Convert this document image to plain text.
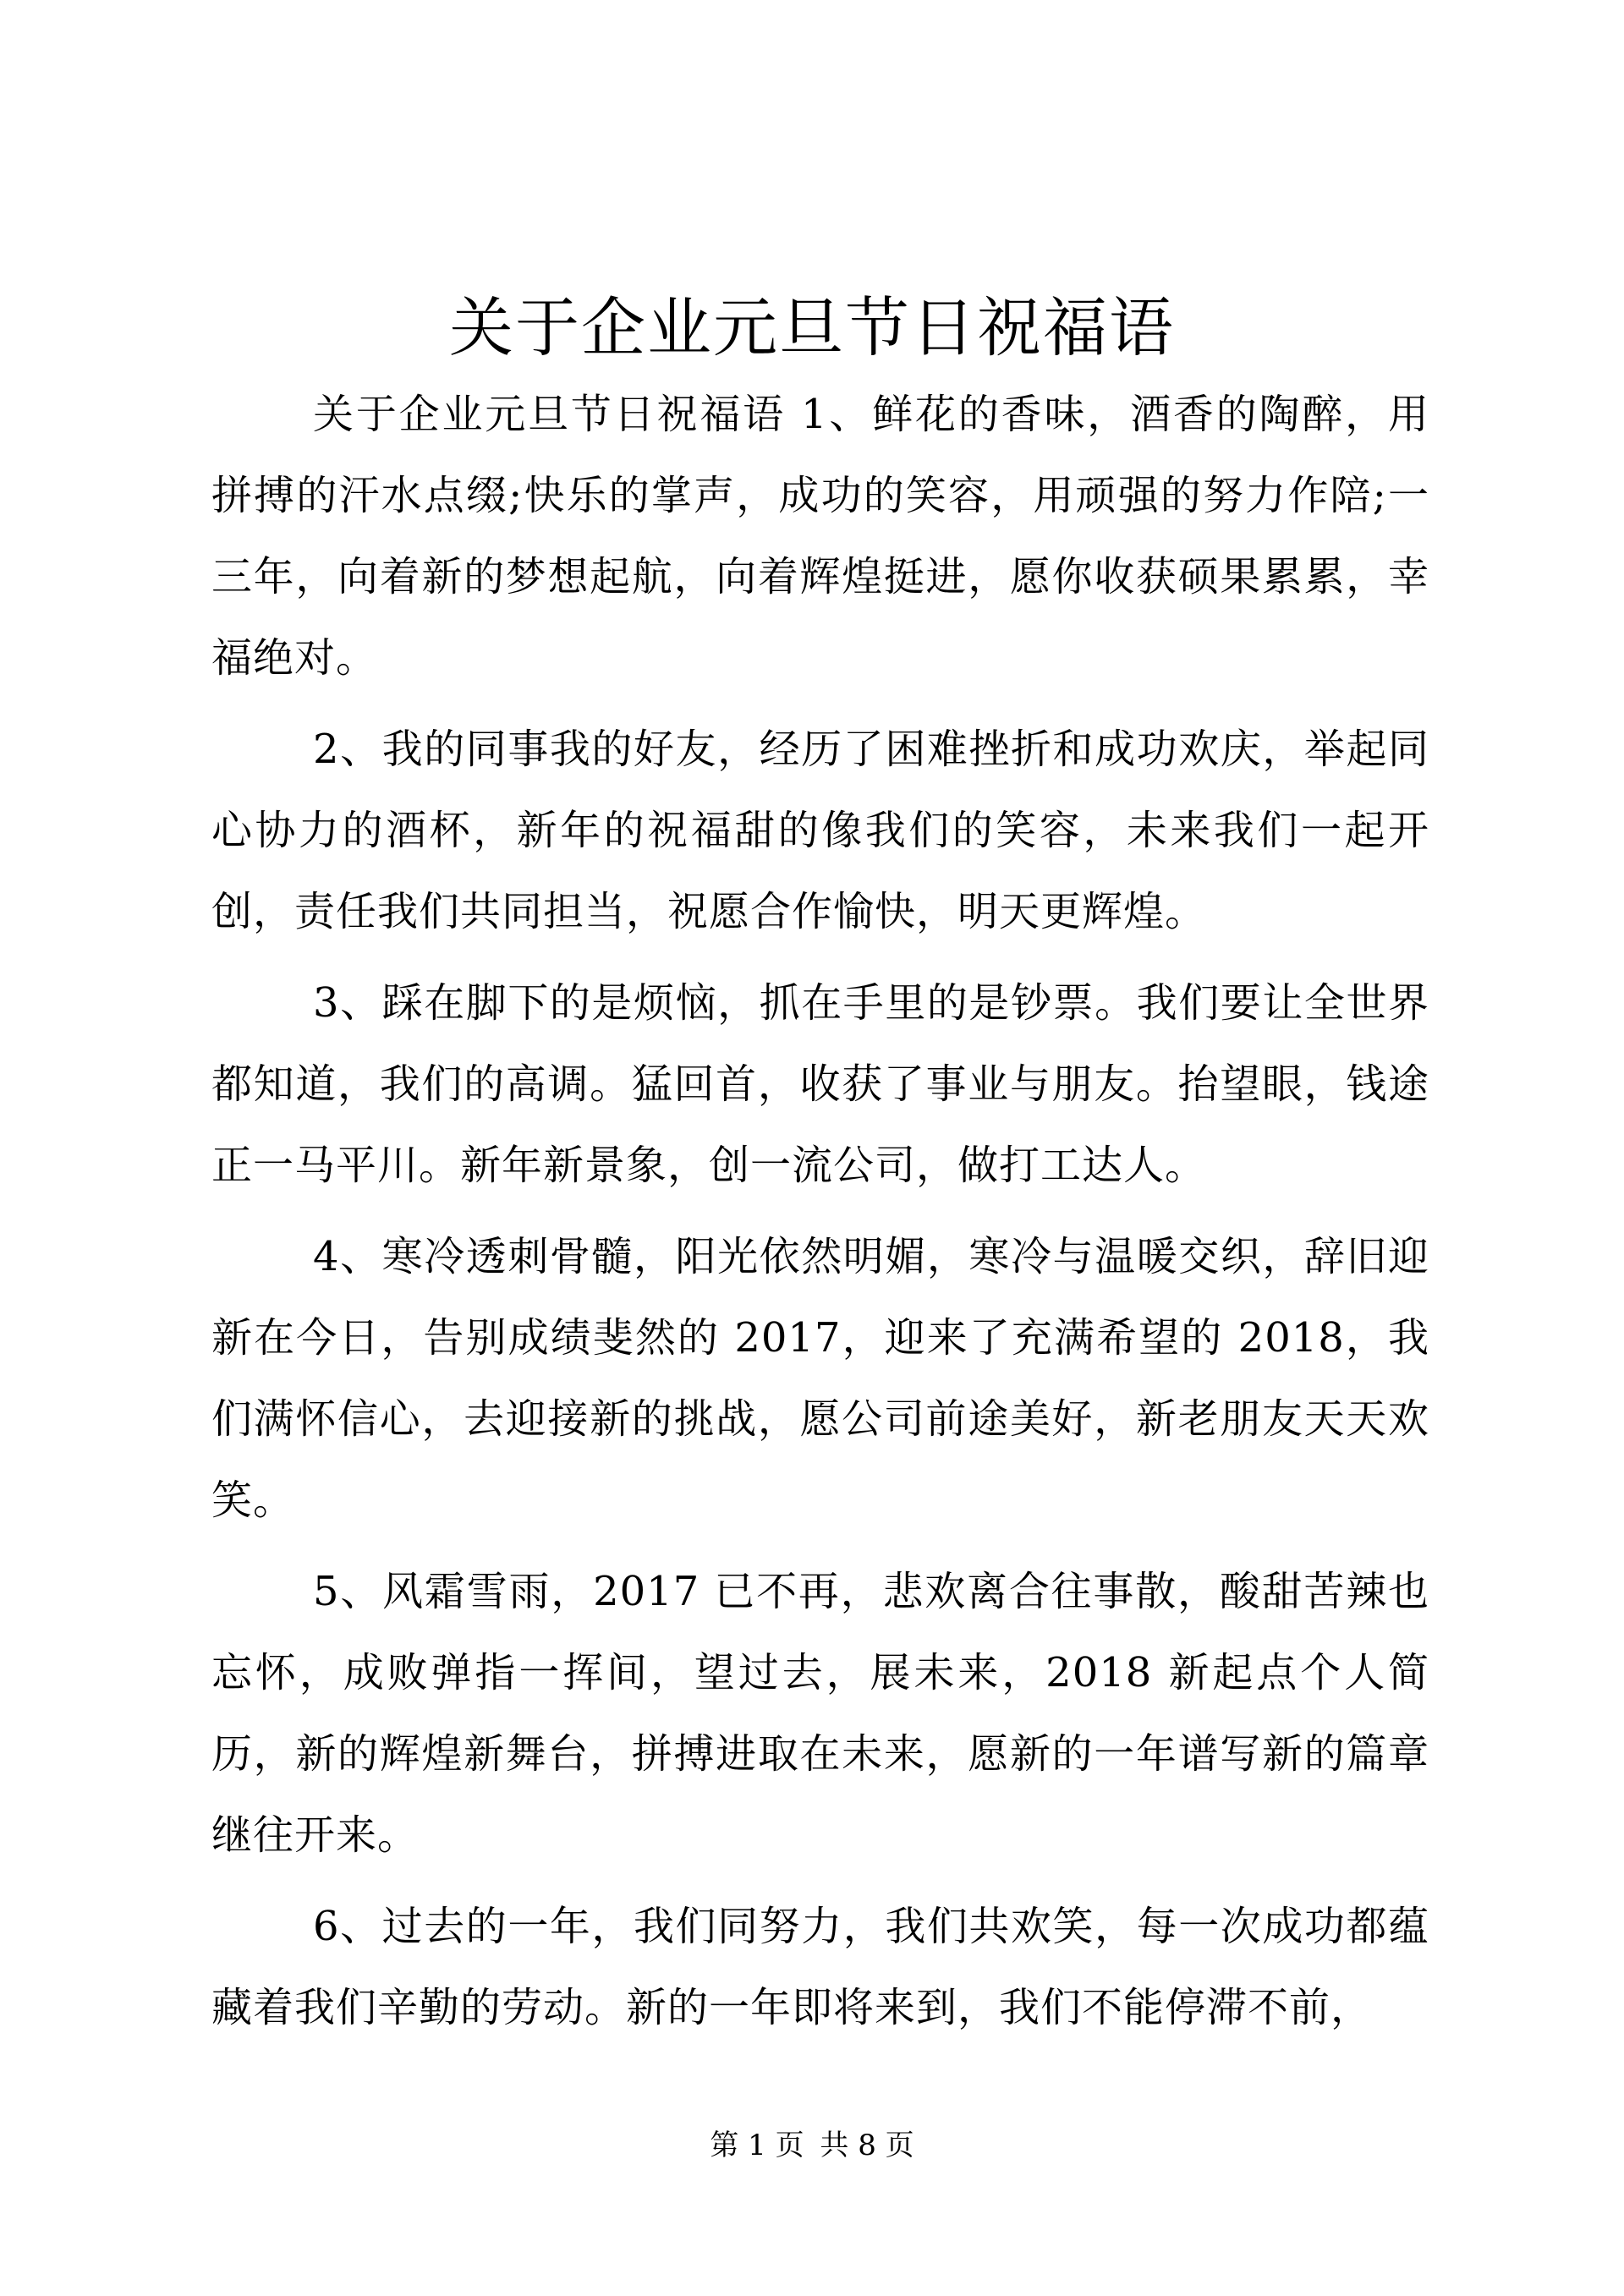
关于企业元旦节日祝福语

关于企业元旦节日祝福语 1、鲜花的香味，酒香的陶醉，用拼搏的汗水点缀;快乐的掌声，成功的笑容，用顽强的努力作陪;一三年，向着新的梦想起航，向着辉煌挺进，愿你收获硕果累累，幸福绝对。

2、我的同事我的好友，经历了困难挫折和成功欢庆，举起同心协力的酒杯，新年的祝福甜的像我们的笑容，未来我们一起开创，责任我们共同担当，祝愿合作愉快，明天更辉煌。

3、踩在脚下的是烦恼，抓在手里的是钞票。我们要让全世界都知道，我们的高调。猛回首，收获了事业与朋友。抬望眼，钱途正一马平川。新年新景象，创一流公司，做打工达人。

4、寒冷透刺骨髓，阳光依然明媚，寒冷与温暖交织，辞旧迎新在今日，告别成绩斐然的 2017，迎来了充满希望的 2018，我们满怀信心，去迎接新的挑战，愿公司前途美好，新老朋友天天欢笑。

5、风霜雪雨，2017 已不再，悲欢离合往事散，酸甜苦辣也忘怀，成败弹指一挥间，望过去，展未来，2018 新起点个人简历，新的辉煌新舞台，拼搏进取在未来，愿新的一年谱写新的篇章继往开来。

6、过去的一年，我们同努力，我们共欢笑，每一次成功都蕴藏着我们辛勤的劳动。新的一年即将来到，我们不能停滞不前，

第 1 页 共 8 页
